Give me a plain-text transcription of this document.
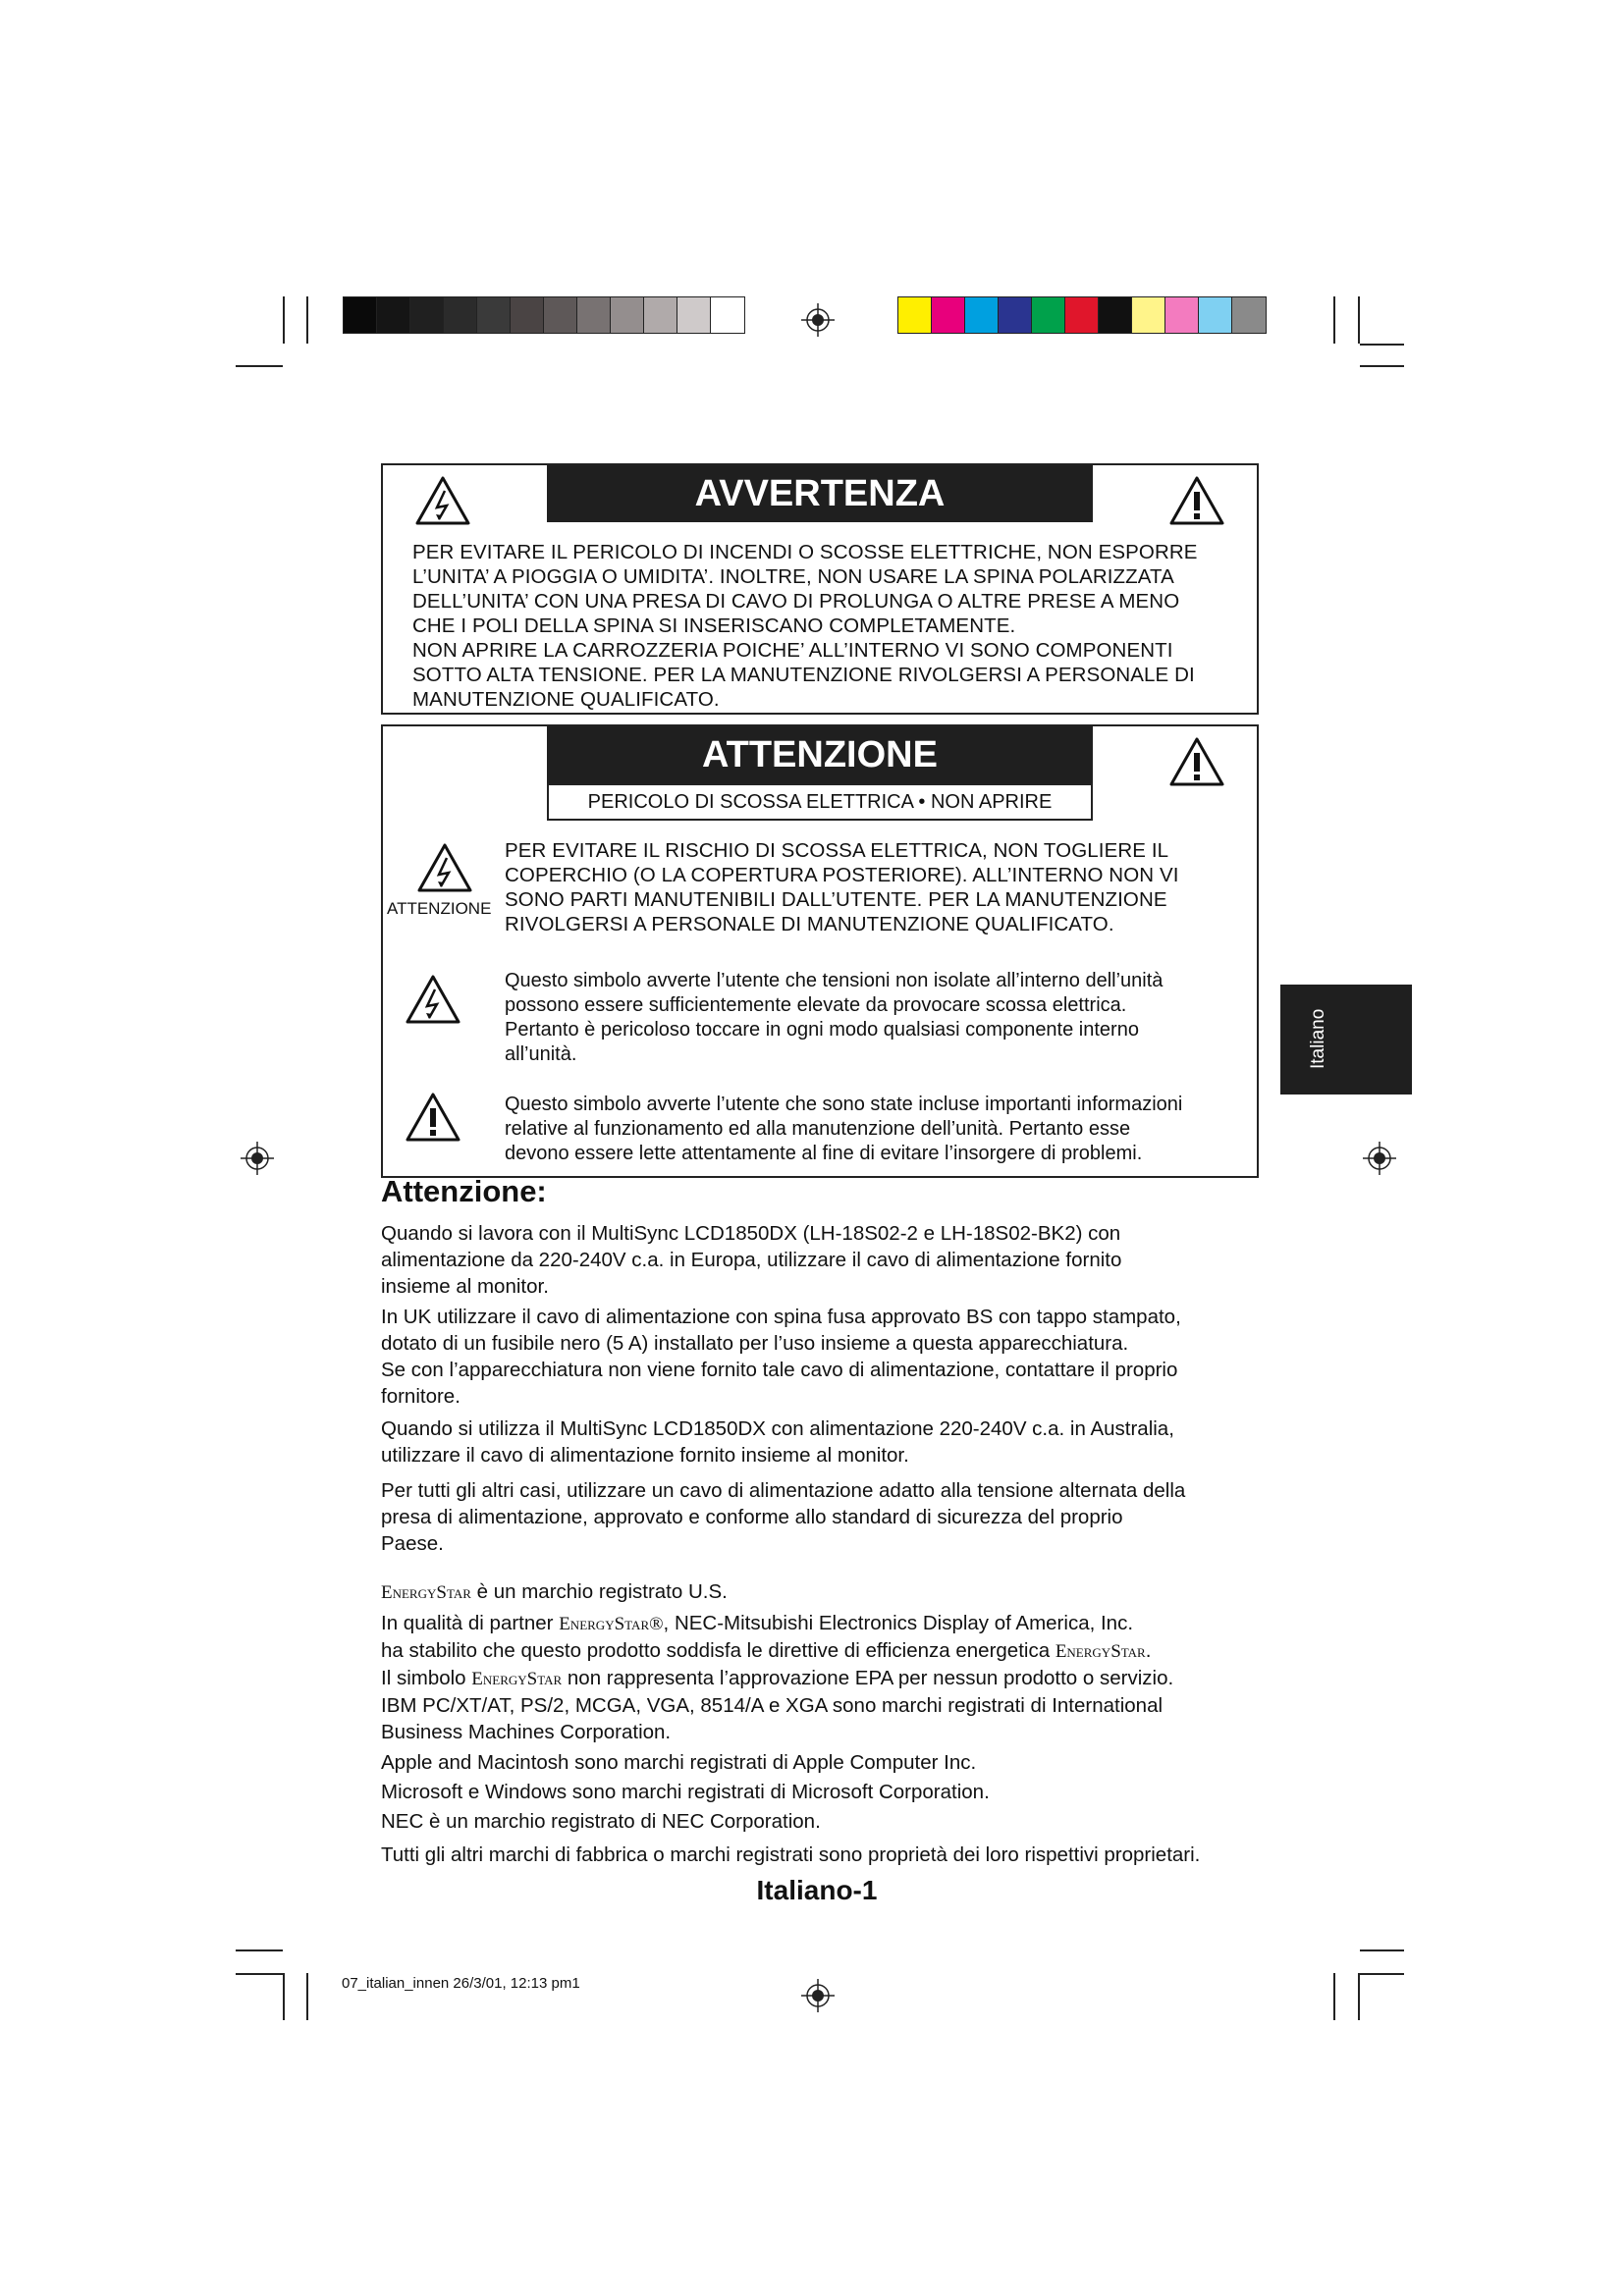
AVVERTENZA
PER EVITARE IL PERICOLO DI INCENDI O SCOSSE ELETTRICHE, NON ESPORRE
L’UNITA’ A PIOGGIA O UMIDITA’. INOLTRE, NON USARE LA SPINA POLARIZZATA
DELL’UNITA’ CON UNA PRESA DI CAVO DI PROLUNGA O ALTRE PRESE A MENO
CHE I POLI DELLA SPINA SI INSERISCANO COMPLETAMENTE.
NON APRIRE LA CARROZZERIA POICHE’ ALL’INTERNO VI SONO COMPONENTI
SOTTO ALTA TENSIONE. PER LA MANUTENZIONE RIVOLGERSI A PERSONALE DI
MANUTENZIONE QUALIFICATO.
ATTENZIONE
PERICOLO DI SCOSSA ELETTRICA • NON APRIRE
ATTENZIONE
PER EVITARE IL RISCHIO DI SCOSSA ELETTRICA, NON TOGLIERE IL
COPERCHIO (O LA COPERTURA POSTERIORE). ALL’INTERNO NON VI
SONO PARTI MANUTENIBILI DALL’UTENTE. PER LA MANUTENZIONE
RIVOLGERSI A PERSONALE DI MANUTENZIONE QUALIFICATO.
Questo simbolo avverte l’utente che tensioni non isolate all’interno dell’unità
possono essere sufficientemente elevate da provocare scossa elettrica.
Pertanto è pericoloso toccare in ogni modo qualsiasi componente interno
all’unità.
Questo simbolo avverte l’utente che sono state incluse importanti informazioni
relative al funzionamento ed alla manutenzione dell’unità. Pertanto esse
devono essere lette attentamente al fine di evitare l’insorgere di problemi.
Attenzione:
Quando si lavora con il MultiSync LCD1850DX (LH-18S02-2 e LH-18S02-BK2) con
alimentazione da 220-240V c.a. in Europa, utilizzare il cavo di alimentazione fornito
insieme al monitor.
In UK utilizzare il cavo di alimentazione con spina fusa approvato BS con tappo stampato,
dotato di un fusibile nero (5 A) installato per l’uso insieme a questa apparecchiatura.
Se con l’apparecchiatura non viene fornito tale cavo di alimentazione, contattare il proprio
fornitore.
Quando si utilizza il MultiSync LCD1850DX con alimentazione 220-240V c.a. in Australia,
utilizzare il cavo di alimentazione fornito insieme al monitor.
Per tutti gli altri casi, utilizzare un cavo di alimentazione adatto alla tensione alternata della
presa di alimentazione, approvato e conforme allo standard di sicurezza del proprio
Paese.
EnergyStar è un marchio registrato U.S.
In qualità di partner EnergyStar®, NEC-Mitsubishi Electronics Display of America, Inc.
ha stabilito che questo prodotto soddisfa le direttive di efficienza energetica EnergyStar.
Il simbolo EnergyStar non rappresenta l’approvazione EPA per nessun prodotto o servizio.
IBM PC/XT/AT, PS/2, MCGA, VGA, 8514/A e XGA sono marchi registrati di International
Business Machines Corporation.
Apple and Macintosh sono marchi registrati di Apple Computer Inc.
Microsoft e Windows sono marchi registrati di Microsoft Corporation.
NEC è un marchio registrato di NEC Corporation.
Tutti gli altri marchi di fabbrica o marchi registrati sono proprietà dei loro rispettivi proprietari.
Italiano-1
Italiano
07_italian_innen 26/3/01, 12:13 pm1
